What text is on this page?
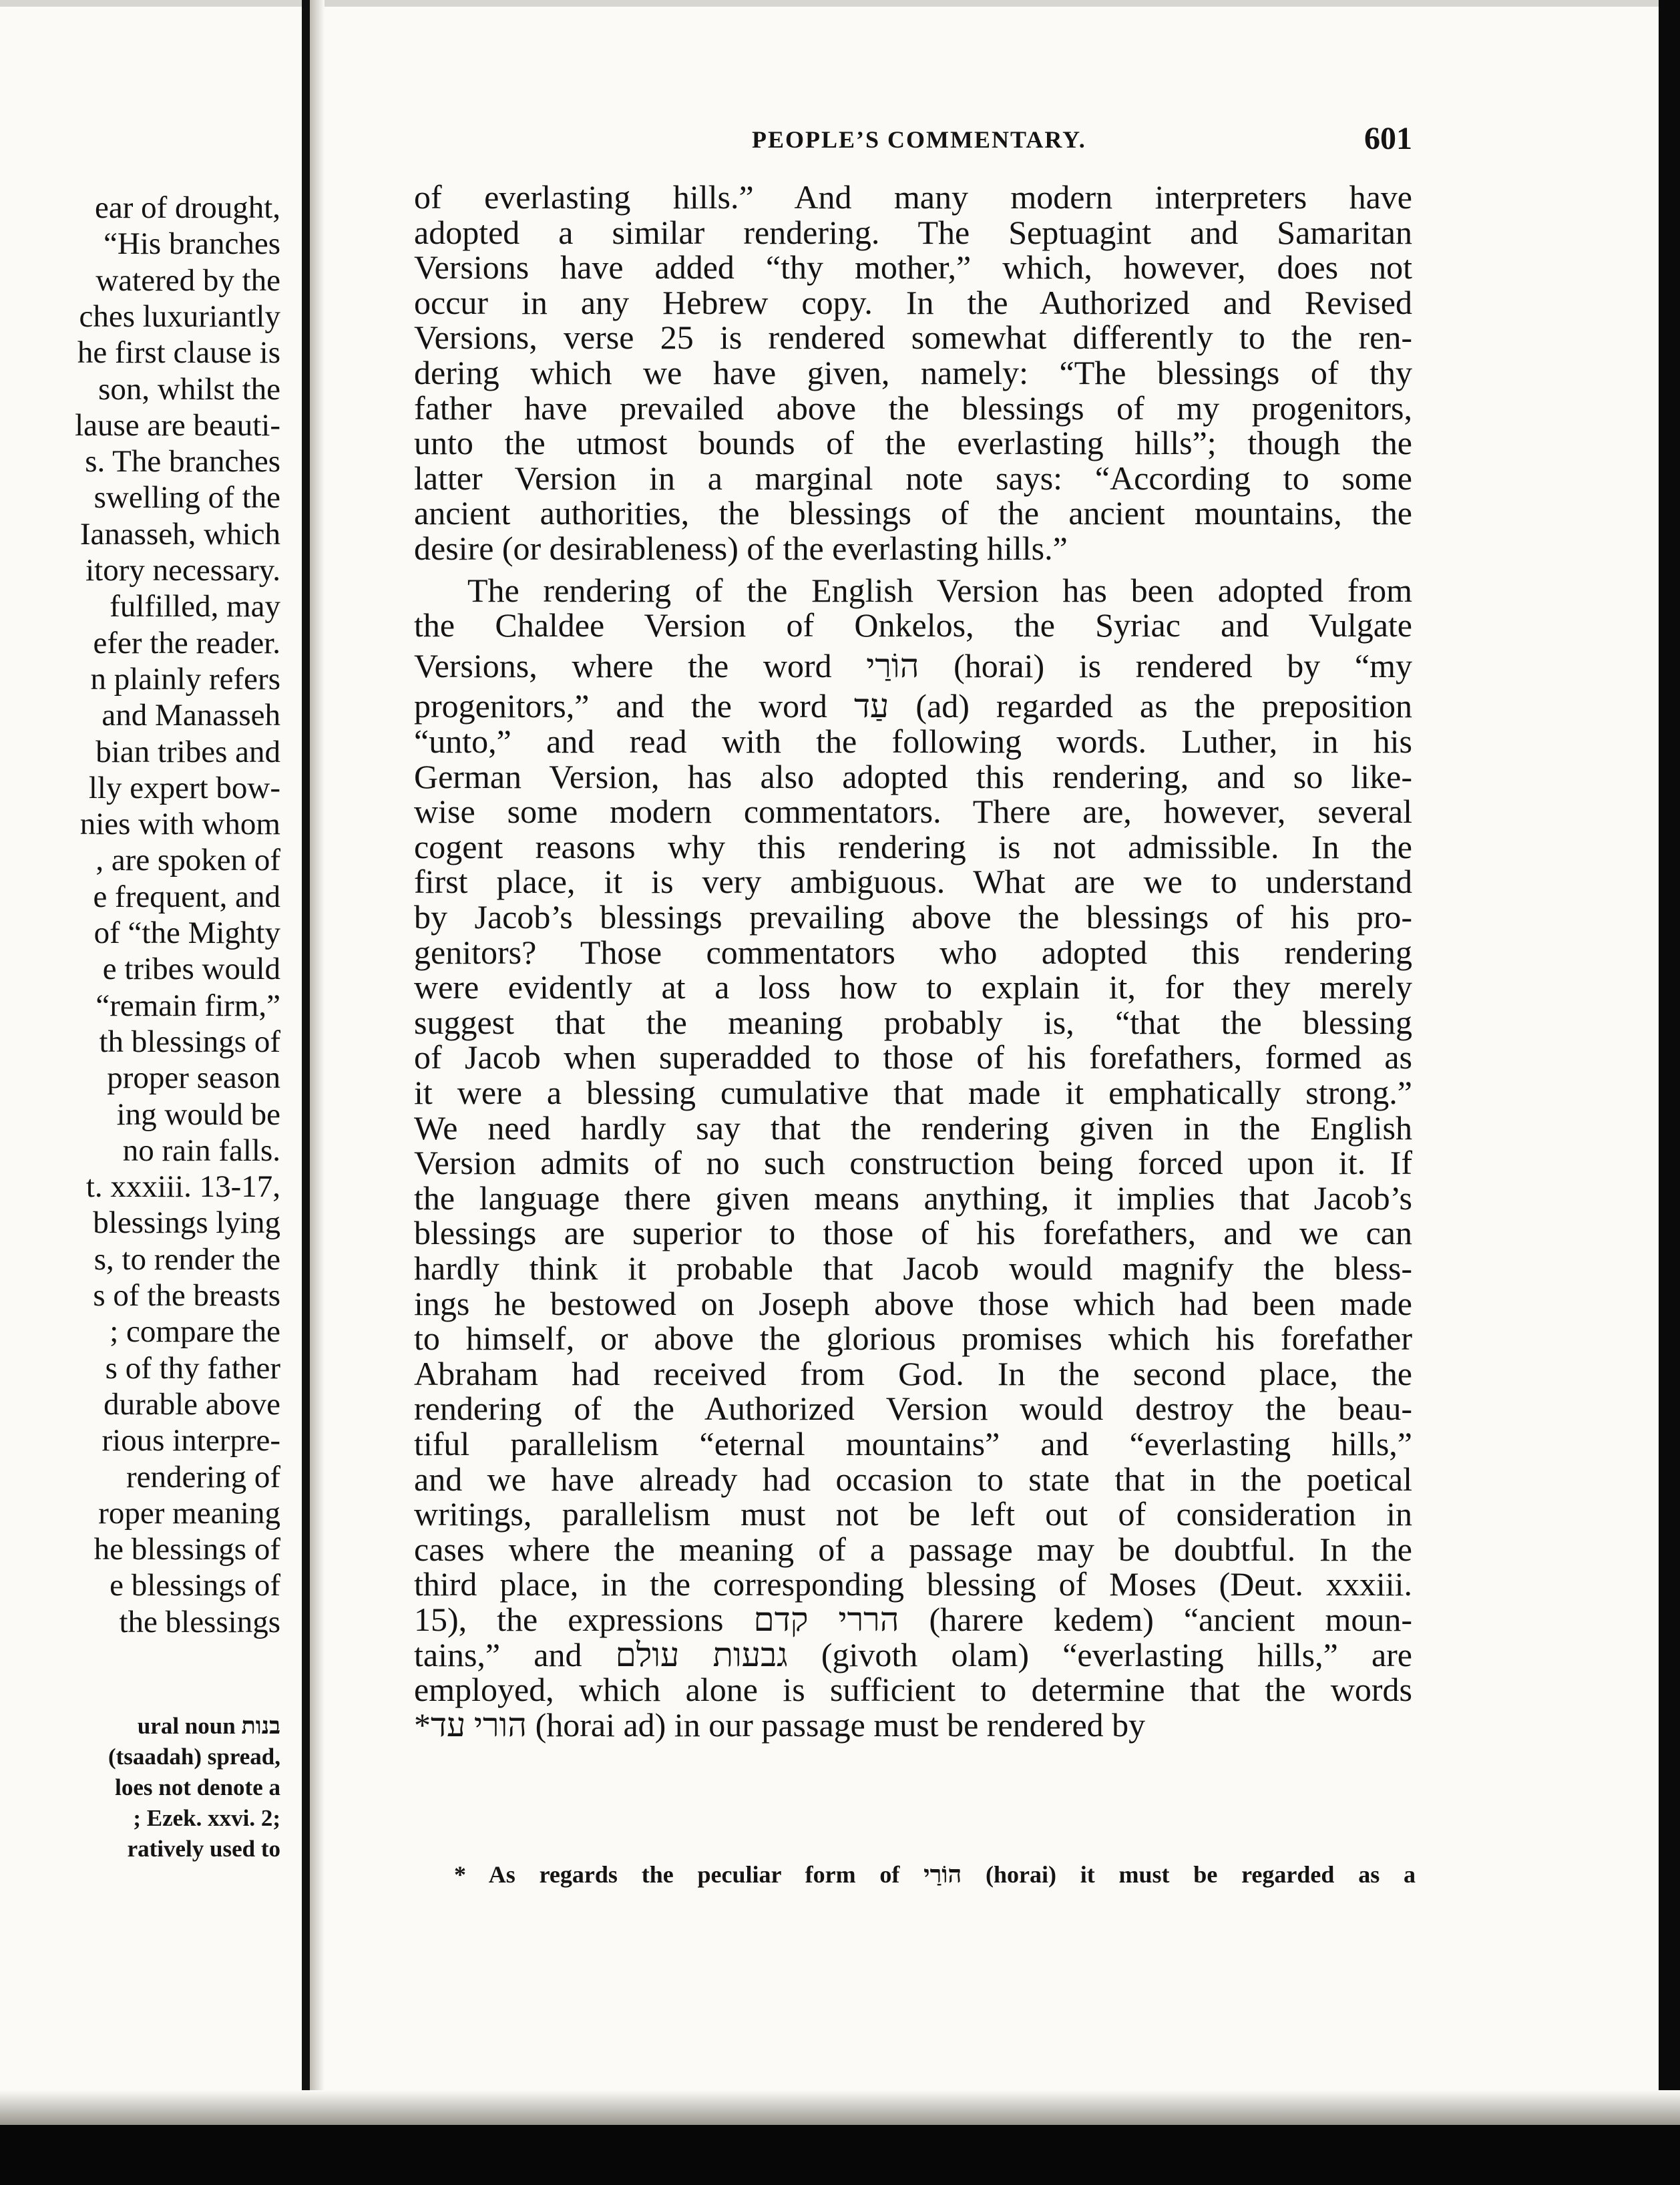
ear of drought,
“His branches
watered by the
ches luxuriantly
he first clause is
son, whilst the
lause are beauti-
s. The branches
swelling of the
Ianasseh, which
itory necessary.
fulfilled, may
efer the reader.
n plainly refers
and Manasseh
bian tribes and
lly expert bow-
nies with whom
, are spoken of
e frequent, and
of “the Mighty
e tribes would
“remain firm,”
th blessings of
proper season
ing would be
no rain falls.
t. xxxiii. 13-17,
blessings lying
s, to render the
s of the breasts
; compare the
s of thy father
durable above
rious interpre-
rendering of
roper meaning
he blessings of
e blessings of
the blessings
ural noun בנות
(tsaadah) spread,
loes not denote a
; Ezek. xxvi. 2;
ratively used to
PEOPLE’S COMMENTARY.	601
of everlasting hills.” And many modern interpreters have
adopted a similar rendering. The Septuagint and Samaritan
Versions have added “thy mother,” which, however, does not
occur in any Hebrew copy. In the Authorized and Revised
Versions, verse 25 is rendered somewhat differently to the ren-
dering which we have given, namely: “The blessings of thy
father have prevailed above the blessings of my progenitors,
unto the utmost bounds of the everlasting hills”; though the
latter Version in a marginal note says: “According to some
ancient authorities, the blessings of the ancient mountains, the
desire (or desirableness) of the everlasting hills.”
The rendering of the English Version has been adopted from
the Chaldee Version of Onkelos, the Syriac and Vulgate
Versions, where the word הוֹרַי (horai) is rendered by “my
progenitors,” and the word עַד (ad) regarded as the preposition
“unto,” and read with the following words. Luther, in his
German Version, has also adopted this rendering, and so like-
wise some modern commentators. There are, however, several
cogent reasons why this rendering is not admissible. In the
first place, it is very ambiguous. What are we to understand
by Jacob’s blessings prevailing above the blessings of his pro-
genitors? Those commentators who adopted this rendering
were evidently at a loss how to explain it, for they merely
suggest that the meaning probably is, “that the blessing
of Jacob when superadded to those of his forefathers, formed as
it were a blessing cumulative that made it emphatically strong.”
We need hardly say that the rendering given in the English
Version admits of no such construction being forced upon it. If
the language there given means anything, it implies that Jacob’s
blessings are superior to those of his forefathers, and we can
hardly think it probable that Jacob would magnify the bless-
ings he bestowed on Joseph above those which had been made
to himself, or above the glorious promises which his forefather
Abraham had received from God. In the second place, the
rendering of the Authorized Version would destroy the beau-
tiful parallelism “eternal mountains” and “everlasting hills,”
and we have already had occasion to state that in the poetical
writings, parallelism must not be left out of consideration in
cases where the meaning of a passage may be doubtful. In the
third place, in the corresponding blessing of Moses (Deut. xxxiii.
15), the expressions הררי קדם (harere kedem) “ancient moun-
tains,” and גבעות עולם (givoth olam) “everlasting hills,” are
employed, which alone is sufficient to determine that the words
*הורי עד (horai ad) in our passage must be rendered by
* As regards the peculiar form of הוֹרַי (horai) it must be regarded as a
